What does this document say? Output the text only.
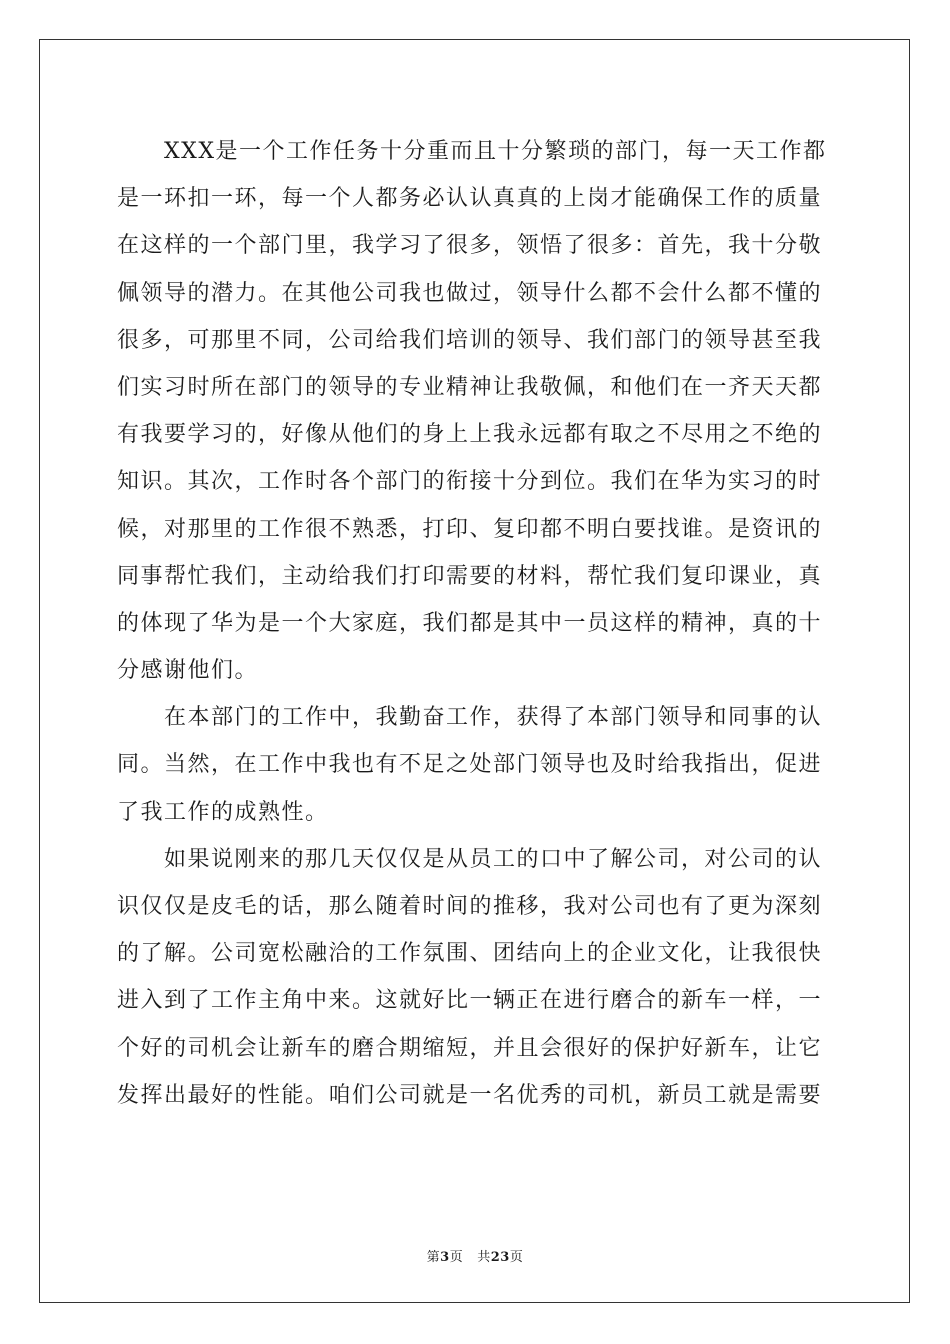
XXX是一个工作任务十分重而且十分繁琐的部门，每一天工作都
是一环扣一环，每一个人都务必认认真真的上岗才能确保工作的质量
在这样的一个部门里，我学习了很多，领悟了很多：首先，我十分敬
佩领导的潜力。在其他公司我也做过，领导什么都不会什么都不懂的
很多，可那里不同，公司给我们培训的领导、我们部门的领导甚至我
们实习时所在部门的领导的专业精神让我敬佩，和他们在一齐天天都
有我要学习的，好像从他们的身上上我永远都有取之不尽用之不绝的
知识。其次，工作时各个部门的衔接十分到位。我们在华为实习的时
候，对那里的工作很不熟悉，打印、复印都不明白要找谁。是资讯的
同事帮忙我们，主动给我们打印需要的材料，帮忙我们复印课业，真
的体现了华为是一个大家庭，我们都是其中一员这样的精神，真的十
分感谢他们。
在本部门的工作中，我勤奋工作，获得了本部门领导和同事的认
同。当然，在工作中我也有不足之处部门领导也及时给我指出，促进
了我工作的成熟性。
如果说刚来的那几天仅仅是从员工的口中了解公司，对公司的认
识仅仅是皮毛的话，那么随着时间的推移，我对公司也有了更为深刻
的了解。公司宽松融洽的工作氛围、团结向上的企业文化，让我很快
进入到了工作主角中来。这就好比一辆正在进行磨合的新车一样，一
个好的司机会让新车的磨合期缩短，并且会很好的保护好新车，让它
发挥出最好的性能。咱们公司就是一名优秀的司机，新员工就是需要
第3页 共23页
